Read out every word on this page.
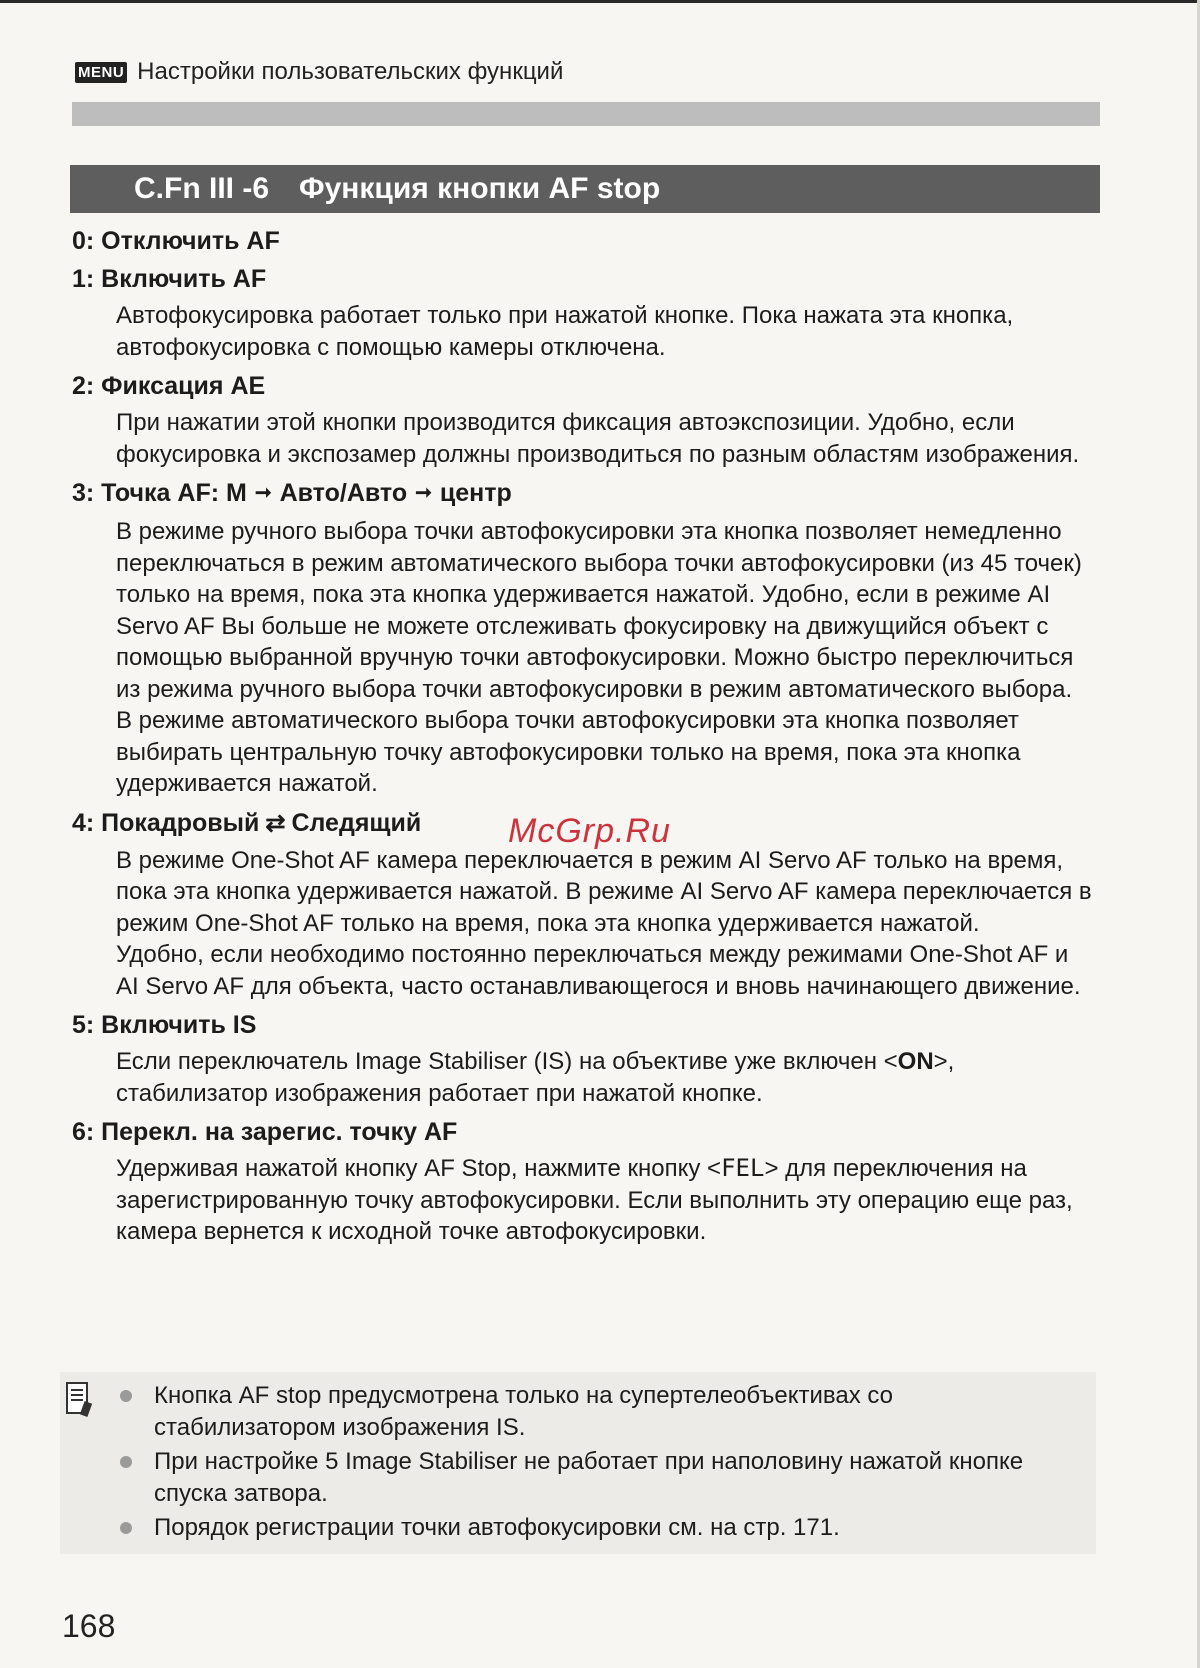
MENU Настройки пользовательских функций
C.Fn III -6 Функция кнопки AF stop
0: Отключить AF
1: Включить AF

Автофокусировка работает только при нажатой кнопке. Пока нажата эта кнопка, автофокусировка с помощью камеры отключена.

2: Фиксация AE

При нажатии этой кнопки производится фиксация автоэкспозиции. Удобно, если фокусировка и экспозамер должны производиться по разным областям изображения.

3: Точка AF: M ➞ Авто/Авто ➞ центр

В режиме ручного выбора точки автофокусировки эта кнопка позволяет немедленно переключаться в режим автоматического выбора точки автофокусировки (из 45 точек) только на время, пока эта кнопка удерживается нажатой. Удобно, если в режиме AI Servo AF Вы больше не можете отслеживать фокусировку на движущийся объект с помощью выбранной вручную точки автофокусировки. Можно быстро переключиться из режима ручного выбора точки автофокусировки в режим автоматического выбора.

В режиме автоматического выбора точки автофокусировки эта кнопка позволяет выбирать центральную точку автофокусировки только на время, пока эта кнопка удерживается нажатой.

4: Покадровый ⇄ Следящий

В режиме One-Shot AF камера переключается в режим AI Servo AF только на время, пока эта кнопка удерживается нажатой. В режиме AI Servo AF камера переключается в режим One-Shot AF только на время, пока эта кнопка удерживается нажатой.

Удобно, если необходимо постоянно переключаться между режимами One-Shot AF и AI Servo AF для объекта, часто останавливающегося и вновь начинающего движение.

5: Включить IS

Если переключатель Image Stabiliser (IS) на объективе уже включен <ON>, стабилизатор изображения работает при нажатой кнопке.

6: Перекл. на зарегис. точку AF

Удерживая нажатой кнопку AF Stop, нажмите кнопку <FEL> для переключения на зарегистрированную точку автофокусировки. Если выполнить эту операцию еще раз, камера вернется к исходной точке автофокусировки.

McGrp.Ru
Кнопка AF stop предусмотрена только на супертелеобъективах со стабилизатором изображения IS.
При настройке 5 Image Stabiliser не работает при наполовину нажатой кнопке спуска затвора.
Порядок регистрации точки автофокусировки см. на стр. 171.
168
